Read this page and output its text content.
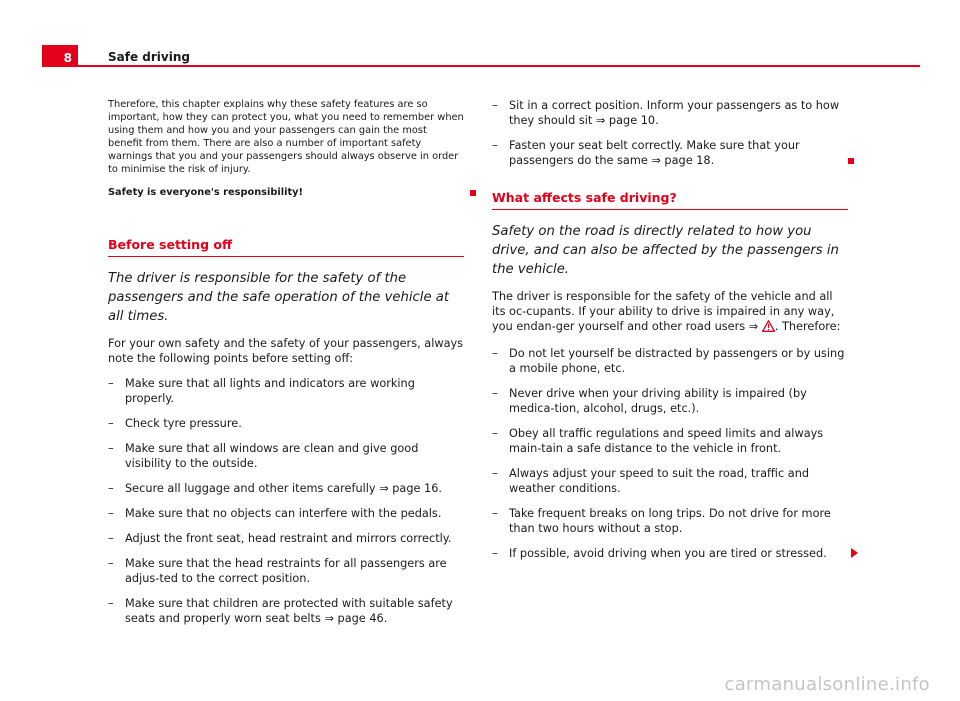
8	Safe driving
Therefore, this chapter explains why these safety features are so important, how they can protect you, what you need to remember when using them and how you and your passengers can gain the most benefit from them. There are also a number of important safety warnings that you and your passengers should always observe in order to minimise the risk of injury.
Safety is everyone's responsibility!
Before setting off
The driver is responsible for the safety of the passengers and the safe operation of the vehicle at all times.
For your own safety and the safety of your passengers, always note the following points before setting off:
– Make sure that all lights and indicators are working properly.
– Check tyre pressure.
– Make sure that all windows are clean and give good visibility to the outside.
– Secure all luggage and other items carefully ⇒ page 16.
– Make sure that no objects can interfere with the pedals.
– Adjust the front seat, head restraint and mirrors correctly.
– Make sure that the head restraints for all passengers are adjus-ted to the correct position.
– Make sure that children are protected with suitable safety seats and properly worn seat belts ⇒ page 46.
– Sit in a correct position. Inform your passengers as to how they should sit ⇒ page 10.
– Fasten your seat belt correctly. Make sure that your passengers do the same ⇒ page 18.
What affects safe driving?
Safety on the road is directly related to how you drive, and can also be affected by the passengers in the vehicle.
The driver is responsible for the safety of the vehicle and all its oc-cupants. If your ability to drive is impaired in any way, you endan-ger yourself and other road users ⇒ . Therefore:
– Do not let yourself be distracted by passengers or by using a mobile phone, etc.
– Never drive when your driving ability is impaired (by medica-tion, alcohol, drugs, etc.).
– Obey all traffic regulations and speed limits and always main-tain a safe distance to the vehicle in front.
– Always adjust your speed to suit the road, traffic and weather conditions.
– Take frequent breaks on long trips. Do not drive for more than two hours without a stop.
– If possible, avoid driving when you are tired or stressed.
carmanualsonline.info
